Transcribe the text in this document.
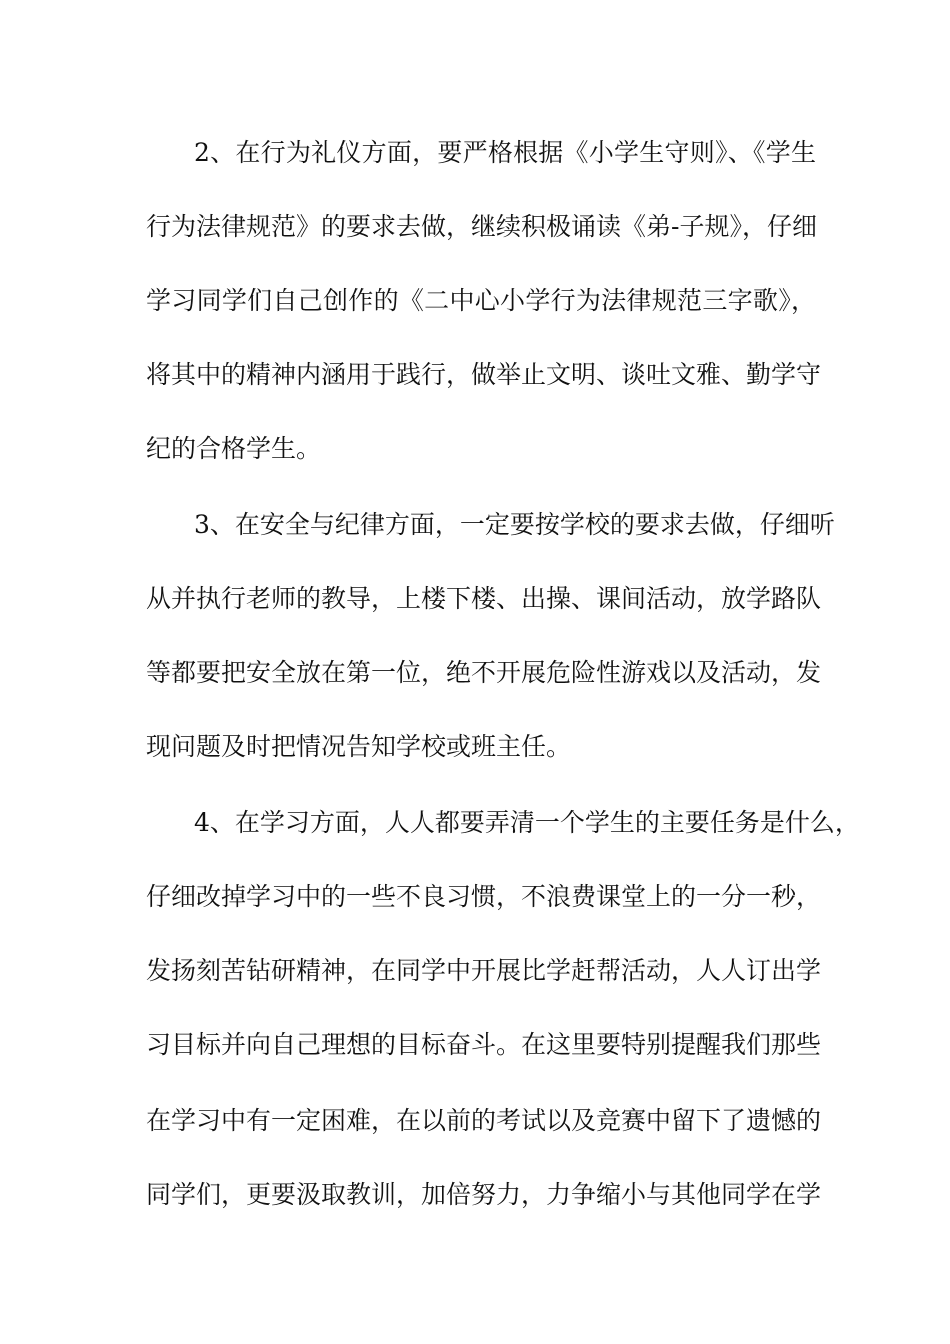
2、在行为礼仪方面，要严格根据《小学生守则》、《学生
行为法律规范》的要求去做，继续积极诵读《弟-子规》，仔细
学习同学们自己创作的《二中心小学行为法律规范三字歌》，
将其中的精神内涵用于践行，做举止文明、谈吐文雅、勤学守
纪的合格学生。
3、在安全与纪律方面，一定要按学校的要求去做，仔细听
从并执行老师的教导，上楼下楼、出操、课间活动，放学路队
等都要把安全放在第一位，绝不开展危险性游戏以及活动，发
现问题及时把情况告知学校或班主任。
4、在学习方面，人人都要弄清一个学生的主要任务是什么，
仔细改掉学习中的一些不良习惯，不浪费课堂上的一分一秒，
发扬刻苦钻研精神，在同学中开展比学赶帮活动，人人订出学
习目标并向自己理想的目标奋斗。在这里要特别提醒我们那些
在学习中有一定困难，在以前的考试以及竞赛中留下了遗憾的
同学们，更要汲取教训，加倍努力，力争缩小与其他同学在学
